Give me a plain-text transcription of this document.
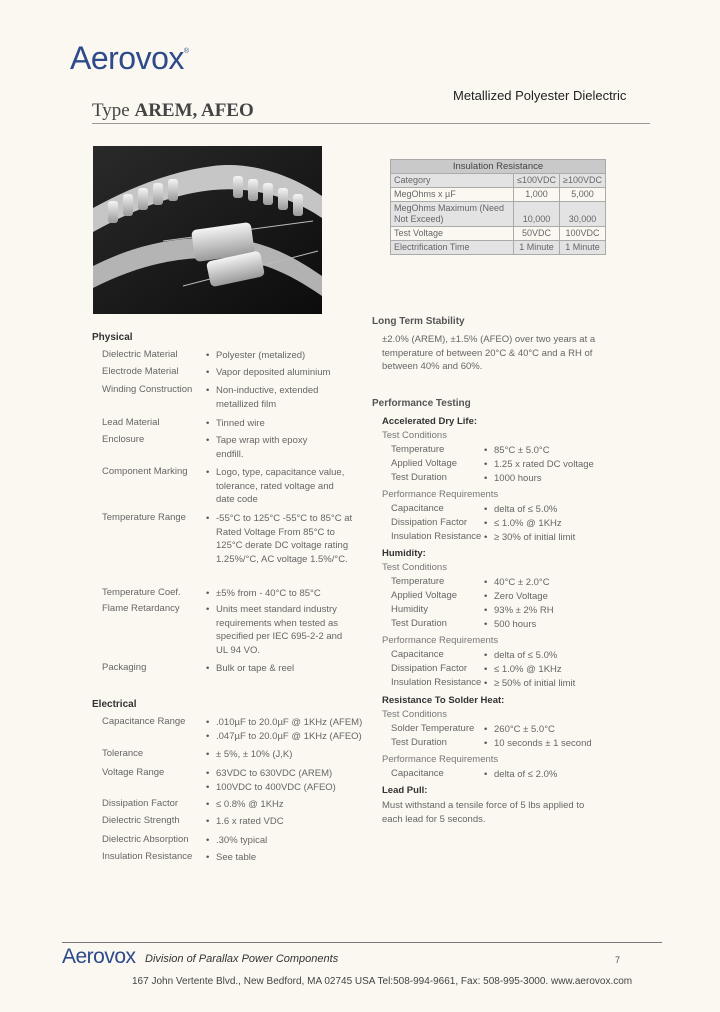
Aerovox®
Type AREM, AFEO
Metallized Polyester Dielectric
Insulation Resistance		
Category	≤100VDC	≥100VDC
MegOhms x µF	1,000	5,000
MegOhms Maximum (Need Not Exceed)	10,000	30,000
Test Voltage	50VDC	100VDC
Electrification Time	1 Minute	1 Minute
Physical
Dielectric Material	• Polyester (metalized)
Electrode Material	• Vapor deposited aluminium
Winding Construction • Non-inductive, extended metallized film
Lead Material	• Tinned wire
Enclosure	• Tape wrap with epoxy endfill.
Component Marking	• Logo, type, capacitance value, tolerance, rated voltage and date code
Temperature Range	• -55°C to 125°C -55°C to 85°C at Rated Voltage From 85°C to 125°C derate DC voltage rating 1.25%/°C, AC voltage 1.5%/°C.
Temperature Coef.	• ±5% from - 40°C to 85°C
Flame Retardancy	• Units meet standard industry requirements when tested as specified per IEC 695-2-2 and UL 94 VO.
Packaging	• Bulk or tape & reel
Electrical
Capacitance Range	• .010µF to 20.0µF @ 1KHz (AFEM)
• .047µF to 20.0µF @ 1KHz (AFEO)
Tolerance	• ± 5%, ± 10% (J,K)
Voltage Range	• 63VDC to 630VDC (AREM)
• 100VDC to 400VDC (AFEO)
Dissipation Factor	• ≤ 0.8% @ 1KHz
Dielectric Strength	• 1.6 x rated VDC
Dielectric Absorption	• .30% typical
Insulation Resistance • See table
Long Term Stability
±2.0% (AREM), ±1.5% (AFEO) over two years at a temperature of between 20°C & 40°C and a RH of between 40% and 60%.
Performance Testing
Accelerated Dry Life:
Test Conditions
Temperature	• 85°C ± 5.0°C
Applied Voltage	• 1.25 x rated DC voltage
Test Duration	• 1000 hours
Performance Requirements
Capacitance	• delta of ≤ 5.0%
Dissipation Factor	• ≤ 1.0% @ 1KHz
Insulation Resistance • ≥ 30% of initial limit
Humidity:
Test Conditions
Temperature	• 40°C ± 2.0°C
Applied Voltage	• Zero Voltage
Humidity	• 93% ± 2% RH
Test Duration	• 500 hours
Performance Requirements
Capacitance	• delta of ≤ 5.0%
Dissipation Factor	• ≤ 1.0% @ 1KHz
Insulation Resistance • ≥ 50% of initial limit
Resistance To Solder Heat:
Test Conditions
Solder Temperature • 260°C ± 5.0°C
Test Duration	• 10 seconds ± 1 second
Performance Requirements
Capacitance	• delta of ≤ 2.0%
Lead Pull:
Must withstand a tensile force of 5 lbs applied to each lead for 5 seconds.
Aerovox Division of Parallax Power Components	7
167 John Vertente Blvd., New Bedford, MA 02745 USA Tel:508-994-9661, Fax: 508-995-3000. www.aerovox.com
